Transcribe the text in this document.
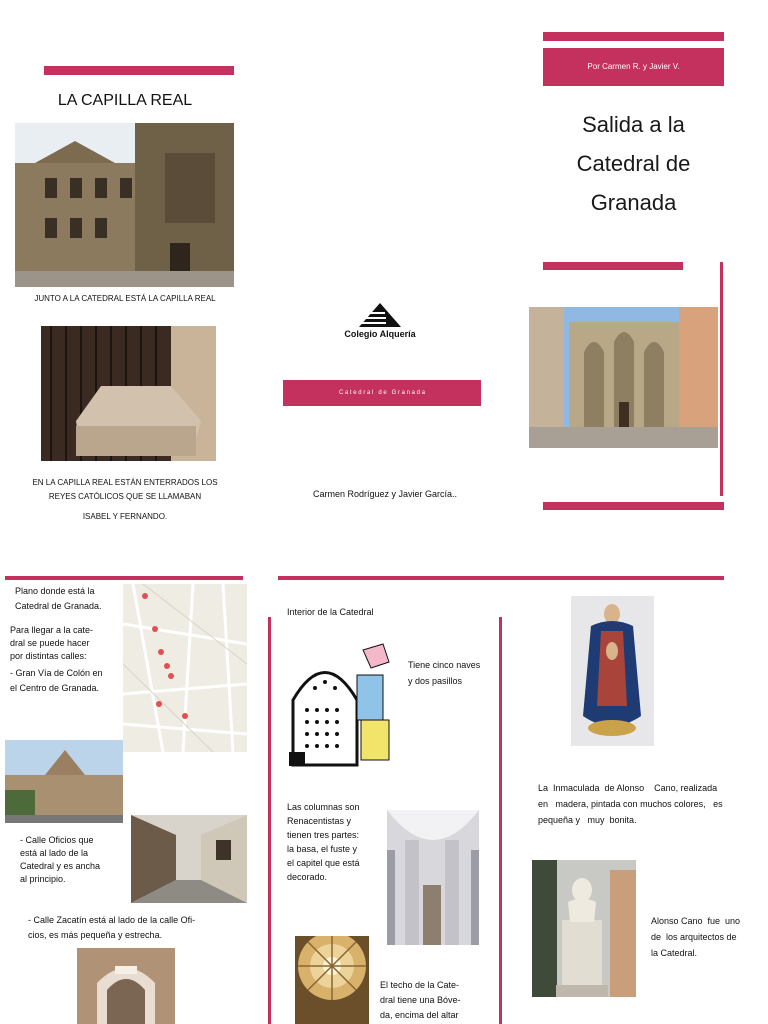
LA CAPILLA REAL
JUNTO A LA CATEDRAL ESTÁ LA CAPILLA REAL
EN LA CAPILLA REAL ESTÁN ENTERRADOS LOS
REYES CATÓLICOS QUE SE LLAMABAN
ISABEL Y FERNANDO.
Colegio Alquería
C a t e d r a l   d e   G r a n a d a
Carmen Rodríguez y Javier García..
Por Carmen R. y Javier V.
Salida a la
Catedral de
Granada
Plano donde está la
Catedral de Granada.
Para llegar a la cate-
dral se puede hacer
por distintas calles:
- Gran Vía de Colón en
el Centro de Granada.
- Calle Oficios que
está al lado de la
Catedral y es ancha
al principio.
- Calle Zacatín está al lado de la calle Ofi-
cios, es más pequeña y estrecha.
Interior de la Catedral
Tiene cinco naves
y dos pasillos
Las columnas son
Renacentistas y
tienen tres partes:
la basa, el fuste y
el capitel que está
decorado.
El techo de la Cate-
dral tiene una Bóve-
da, encima del altar
La  Inmaculada  de Alonso    Cano, realizada
en   madera, pintada con muchos colores,   es
pequeña y   muy  bonita.
Alonso Cano  fue  uno
de  los arquitectos de
la Catedral.
